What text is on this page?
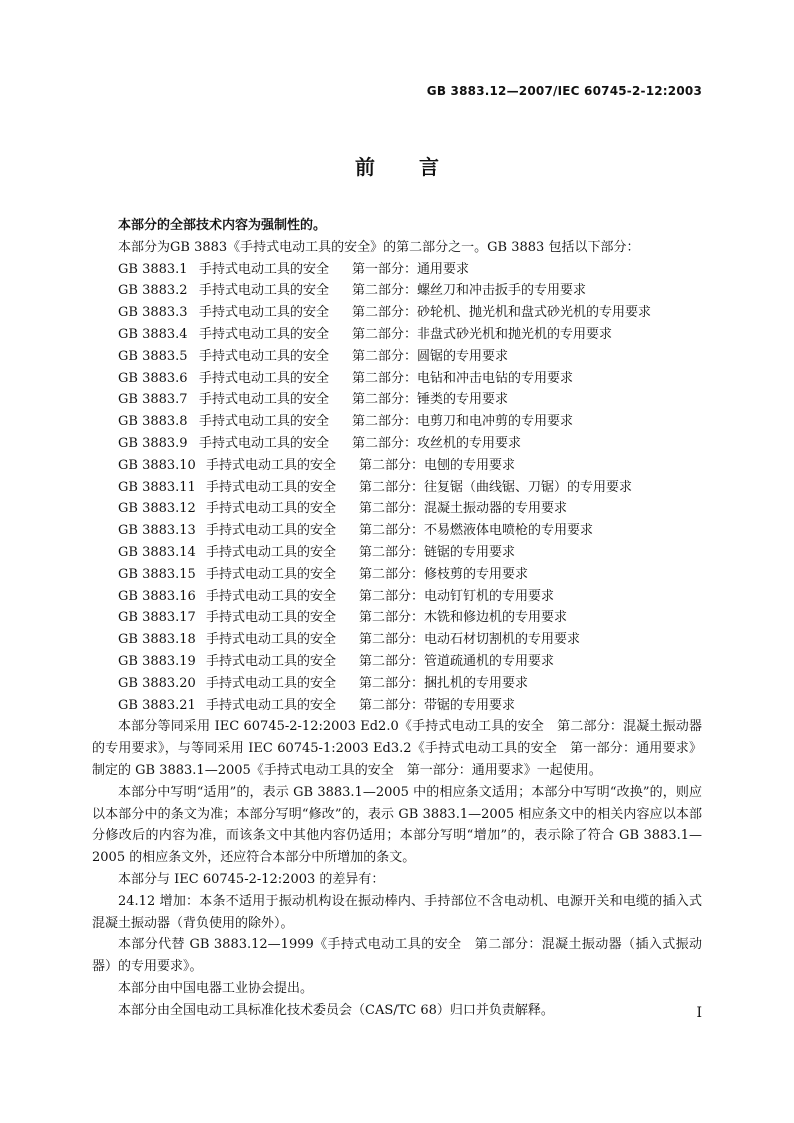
GB 3883.12—2007/IEC 60745-2-12:2003
前言

本部分的全部技术内容为强制性的。

本部分为GB 3883《手持式电动工具的安全》的第二部分之一。GB 3883 包括以下部分：

GB 3883.1 手持式电动工具的安全 第一部分：通用要求
GB 3883.2 手持式电动工具的安全 第二部分：螺丝刀和冲击扳手的专用要求
GB 3883.3 手持式电动工具的安全 第二部分：砂轮机、抛光机和盘式砂光机的专用要求
GB 3883.4 手持式电动工具的安全 第二部分：非盘式砂光机和抛光机的专用要求
GB 3883.5 手持式电动工具的安全 第二部分：圆锯的专用要求
GB 3883.6 手持式电动工具的安全 第二部分：电钻和冲击电钻的专用要求
GB 3883.7 手持式电动工具的安全 第二部分：锤类的专用要求
GB 3883.8 手持式电动工具的安全 第二部分：电剪刀和电冲剪的专用要求
GB 3883.9 手持式电动工具的安全 第二部分：攻丝机的专用要求
GB 3883.10 手持式电动工具的安全 第二部分：电刨的专用要求
GB 3883.11 手持式电动工具的安全 第二部分：往复锯（曲线锯、刀锯）的专用要求
GB 3883.12 手持式电动工具的安全 第二部分：混凝土振动器的专用要求
GB 3883.13 手持式电动工具的安全 第二部分：不易燃液体电喷枪的专用要求
GB 3883.14 手持式电动工具的安全 第二部分：链锯的专用要求
GB 3883.15 手持式电动工具的安全 第二部分：修枝剪的专用要求
GB 3883.16 手持式电动工具的安全 第二部分：电动钉钉机的专用要求
GB 3883.17 手持式电动工具的安全 第二部分：木铣和修边机的专用要求
GB 3883.18 手持式电动工具的安全 第二部分：电动石材切割机的专用要求
GB 3883.19 手持式电动工具的安全 第二部分：管道疏通机的专用要求
GB 3883.20 手持式电动工具的安全 第二部分：捆扎机的专用要求
GB 3883.21 手持式电动工具的安全 第二部分：带锯的专用要求

本部分等同采用 IEC 60745-2-12:2003 Ed2.0《手持式电动工具的安全　第二部分：混凝土振动器的专用要求》，与等同采用 IEC 60745-1:2003 Ed3.2《手持式电动工具的安全　第一部分：通用要求》制定的 GB 3883.1—2005《手持式电动工具的安全　第一部分：通用要求》一起使用。

本部分中写明“适用”的，表示 GB 3883.1—2005 中的相应条文适用；本部分中写明“改换”的，则应以本部分中的条文为准；本部分写明“修改”的，表示 GB 3883.1—2005 相应条文中的相关内容应以本部分修改后的内容为准，而该条文中其他内容仍适用；本部分写明“增加”的，表示除了符合 GB 3883.1—2005 的相应条文外，还应符合本部分中所增加的条文。

本部分与 IEC 60745-2-12:2003 的差异有：

24.12 增加：本条不适用于振动机构设在振动棒内、手持部位不含电动机、电源开关和电缆的插入式混凝土振动器（背负使用的除外）。

本部分代替 GB 3883.12—1999《手持式电动工具的安全　第二部分：混凝土振动器（插入式振动器）的专用要求》。

本部分由中国电器工业协会提出。

本部分由全国电动工具标准化技术委员会（CAS/TC 68）归口并负责解释。	I
